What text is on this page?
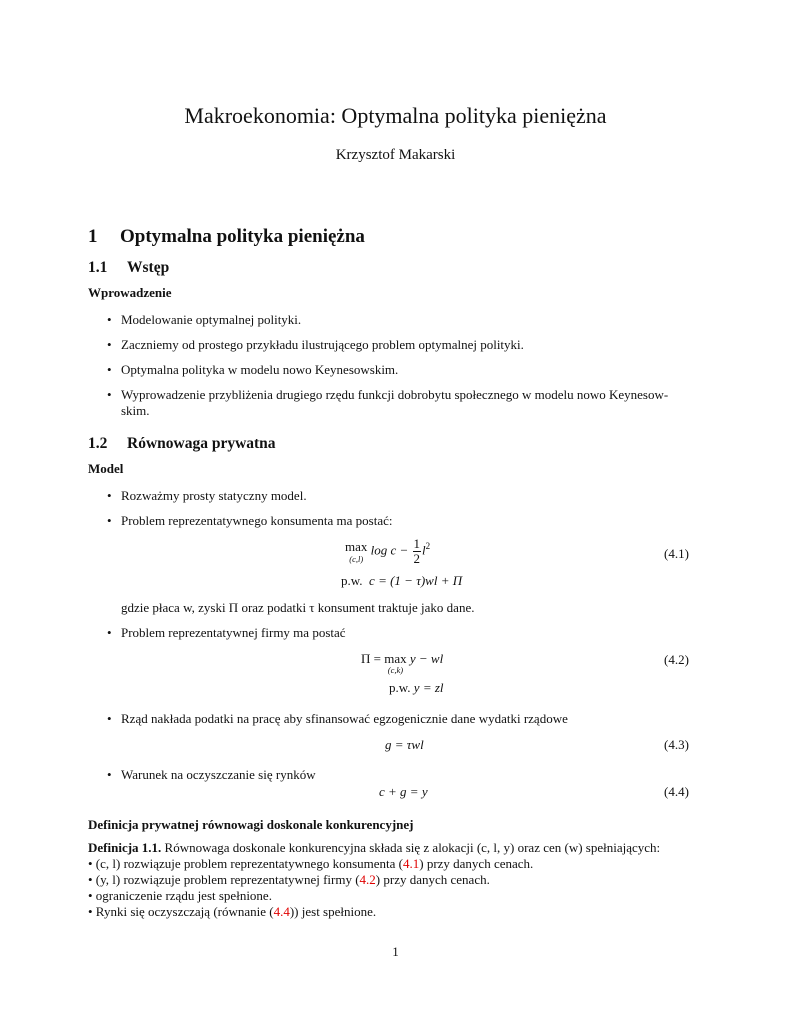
Makroekonomia: Optymalna polityka pieniężna
Krzysztof Makarski
1 Optymalna polityka pieniężna
1.1 Wstęp
Wprowadzenie
• Modelowanie optymalnej polityki.
• Zaczniemy od prostego przykładu ilustrującego problem optymalnej polityki.
• Optymalna polityka w modelu nowo Keynesowskim.
• Wyprowadzenie przybliżenia drugiego rzędu funkcji dobrobytu społecznego w modelu nowo Keynesow-
skim.
1.2 Równowaga prywatna
Model
• Rozważmy prosty statyczny model.
• Problem reprezentatywnego konsumenta ma postać:
max
(c,l)
$\log c - \frac{1}{2} l^2$	(4.1)
p.w. c = (1 − τ)wl + Π
gdzie płaca w, zyski Π oraz podatki τ konsument traktuje jako dane.
• Problem reprezentatywnej firmy ma postać
Π = max
(c,k)
y − wl	(4.2)
p.w. y = zl
• Rząd nakłada podatki na pracę aby sfinansować egzogenicznie dane wydatki rządowe
g = τwl	(4.3)
• Warunek na oczyszczanie się rynków
c + g = y	(4.4)
Definicja prywatnej równowagi doskonale konkurencyjnej
Definicja 1.1. Równowaga doskonale konkurencyjna składa się z alokacji (c, l, y) oraz cen (w) spełniających:
• (c, l) rozwiązuje problem reprezentatywnego konsumenta (4.1) przy danych cenach.
• (y, l) rozwiązuje problem reprezentatywnej firmy (4.2) przy danych cenach.
• ograniczenie rządu jest spełnione.
• Rynki się oczyszczają (równanie (4.4)) jest spełnione.
1
